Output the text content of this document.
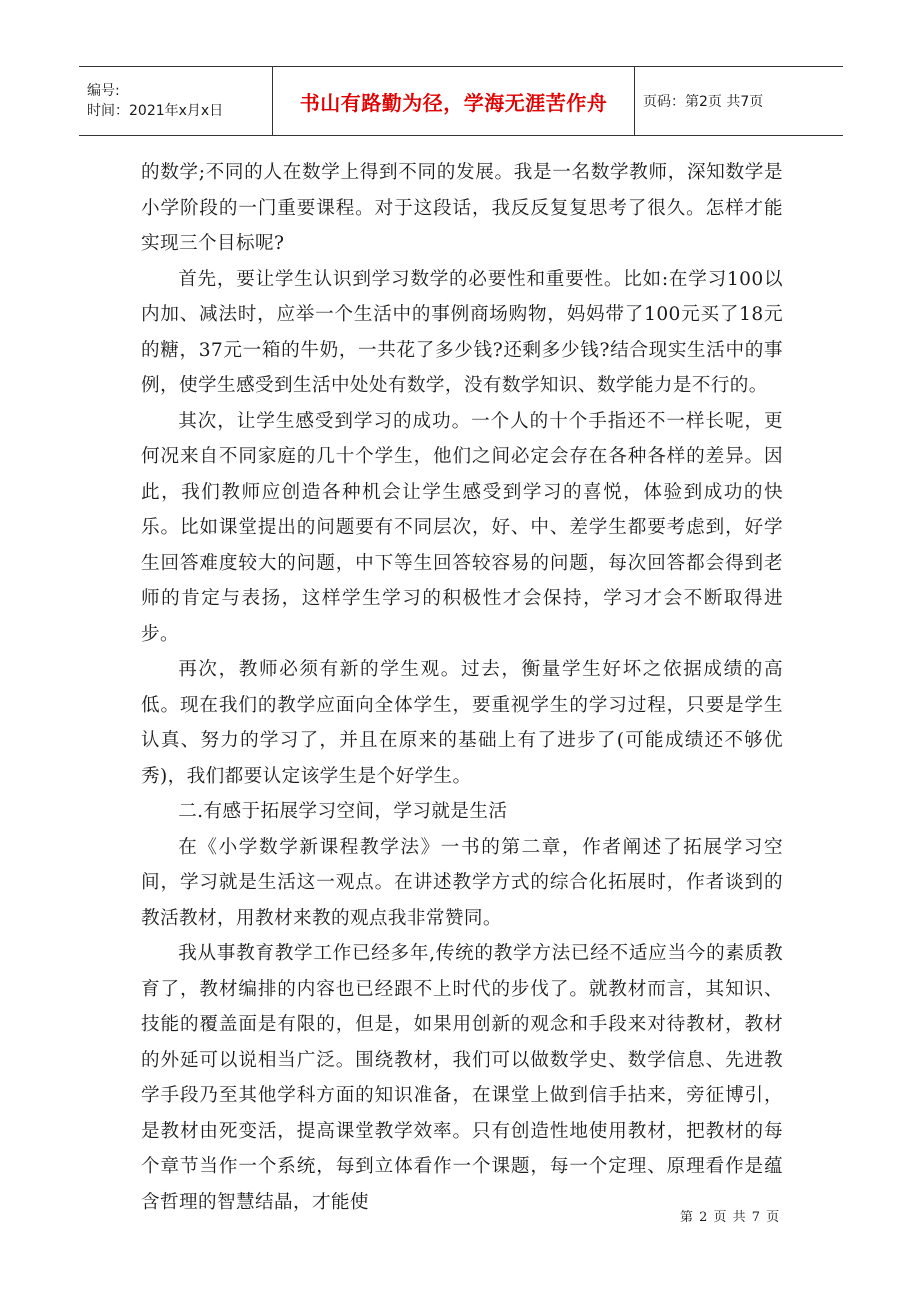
编号:
时间：2021年x月x日	书山有路勤为径，学海无涯苦作舟	页码：第2页 共7页

的数学;不同的人在数学上得到不同的发展。我是一名数学教师，深知数学是小学阶段的一门重要课程。对于这段话，我反反复复思考了很久。怎样才能实现三个目标呢?

首先，要让学生认识到学习数学的必要性和重要性。比如:在学习100以内加、减法时，应举一个生活中的事例商场购物，妈妈带了100元买了18元的糖，37元一箱的牛奶，一共花了多少钱?还剩多少钱?结合现实生活中的事例，使学生感受到生活中处处有数学，没有数学知识、数学能力是不行的。

其次，让学生感受到学习的成功。一个人的十个手指还不一样长呢，更何况来自不同家庭的几十个学生，他们之间必定会存在各种各样的差异。因此，我们教师应创造各种机会让学生感受到学习的喜悦，体验到成功的快乐。比如课堂提出的问题要有不同层次，好、中、差学生都要考虑到，好学生回答难度较大的问题，中下等生回答较容易的问题，每次回答都会得到老师的肯定与表扬，这样学生学习的积极性才会保持，学习才会不断取得进步。

再次，教师必须有新的学生观。过去，衡量学生好坏之依据成绩的高低。现在我们的教学应面向全体学生，要重视学生的学习过程，只要是学生认真、努力的学习了，并且在原来的基础上有了进步了(可能成绩还不够优秀)，我们都要认定该学生是个好学生。

二.有感于拓展学习空间，学习就是生活

在《小学数学新课程教学法》一书的第二章，作者阐述了拓展学习空间，学习就是生活这一观点。在讲述教学方式的综合化拓展时，作者谈到的教活教材，用教材来教的观点我非常赞同。

我从事教育教学工作已经多年,传统的教学方法已经不适应当今的素质教育了，教材编排的内容也已经跟不上时代的步伐了。就教材而言，其知识、技能的覆盖面是有限的，但是，如果用创新的观念和手段来对待教材，教材的外延可以说相当广泛。围绕教材，我们可以做数学史、数学信息、先进教学手段乃至其他学科方面的知识准备，在课堂上做到信手拈来，旁征博引，是教材由死变活，提高课堂教学效率。只有创造性地使用教材，把教材的每个章节当作一个系统，每到立体看作一个课题，每一个定理、原理看作是蕴含哲理的智慧结晶，才能使

第 2 页 共 7 页
